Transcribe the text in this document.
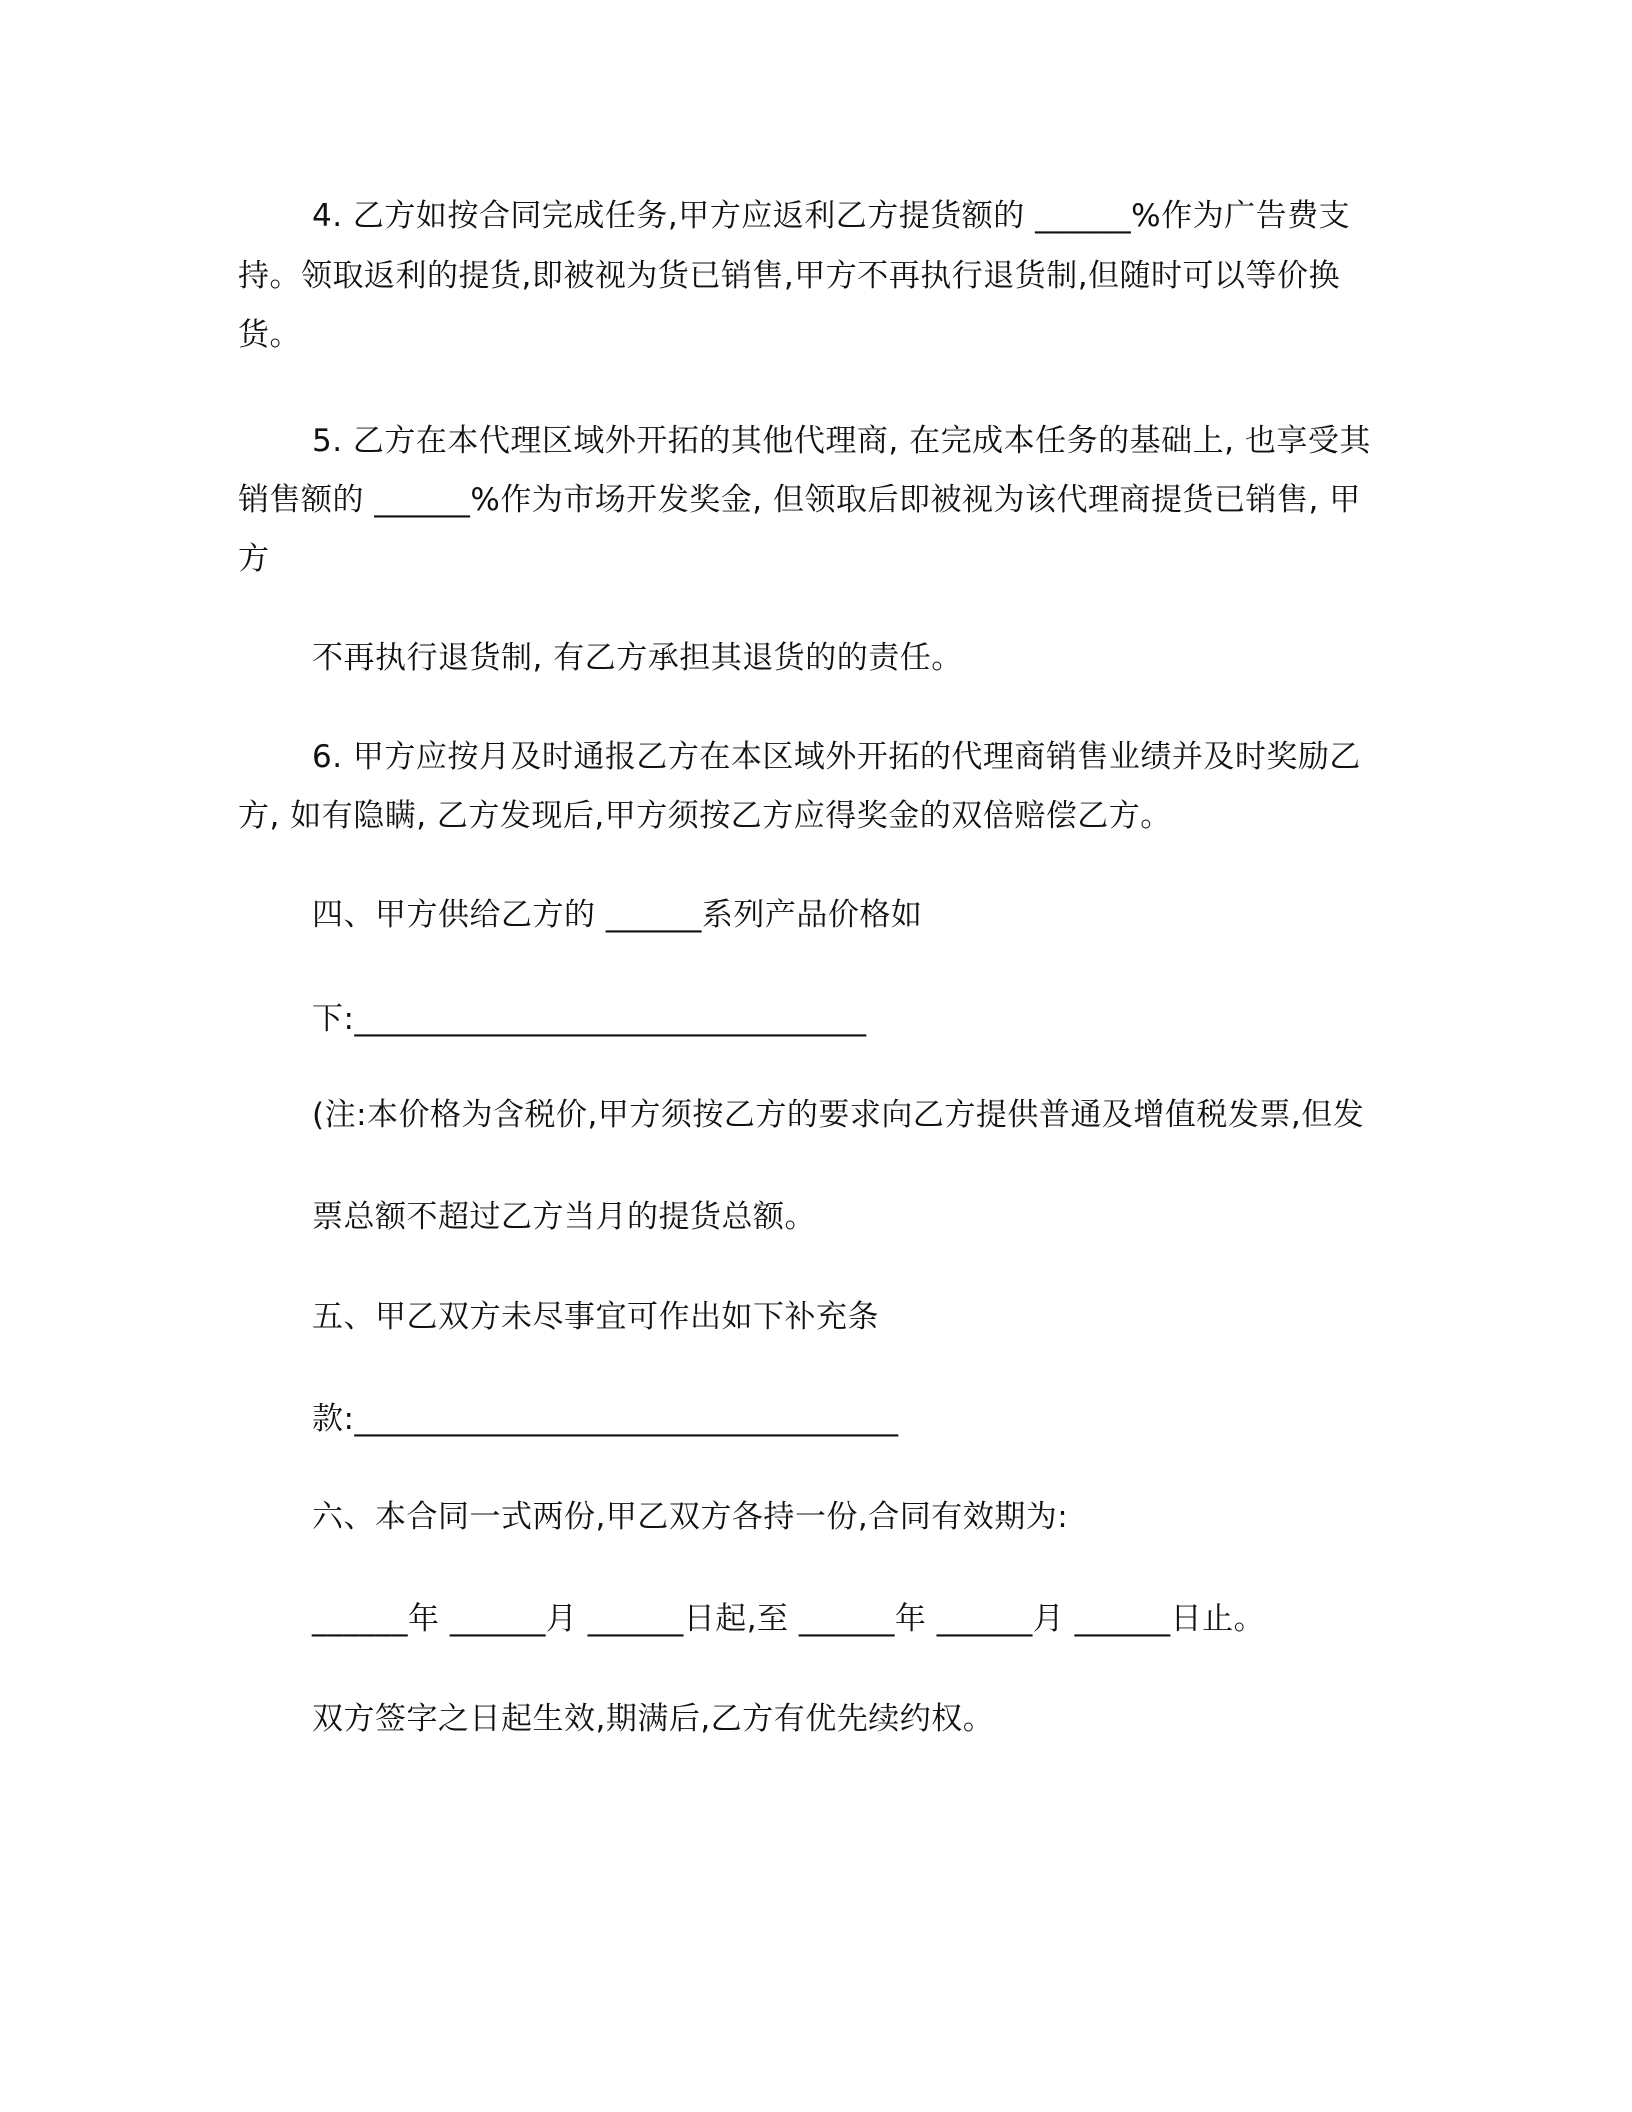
4. 乙方如按合同完成任务,甲方应返利乙方提货额的 ______%作为广告费支
持。领取返利的提货,即被视为货已销售,甲方不再执行退货制,但随时可以等价换
货。
5. 乙方在本代理区域外开拓的其他代理商, 在完成本任务的基础上, 也享受其
销售额的 ______%作为市场开发奖金, 但领取后即被视为该代理商提货已销售, 甲
方
不再执行退货制, 有乙方承担其退货的的责任。
6. 甲方应按月及时通报乙方在本区域外开拓的代理商销售业绩并及时奖励乙
方, 如有隐瞒, 乙方发现后,甲方须按乙方应得奖金的双倍赔偿乙方。
四、甲方供给乙方的 ______系列产品价格如
下:________________________________
(注:本价格为含税价,甲方须按乙方的要求向乙方提供普通及增值税发票,但发
票总额不超过乙方当月的提货总额。
五、甲乙双方未尽事宜可作出如下补充条
款:__________________________________
六、本合同一式两份,甲乙双方各持一份,合同有效期为:
______年 ______月 ______日起,至 ______年 ______月 ______日止。
双方签字之日起生效,期满后,乙方有优先续约权。
